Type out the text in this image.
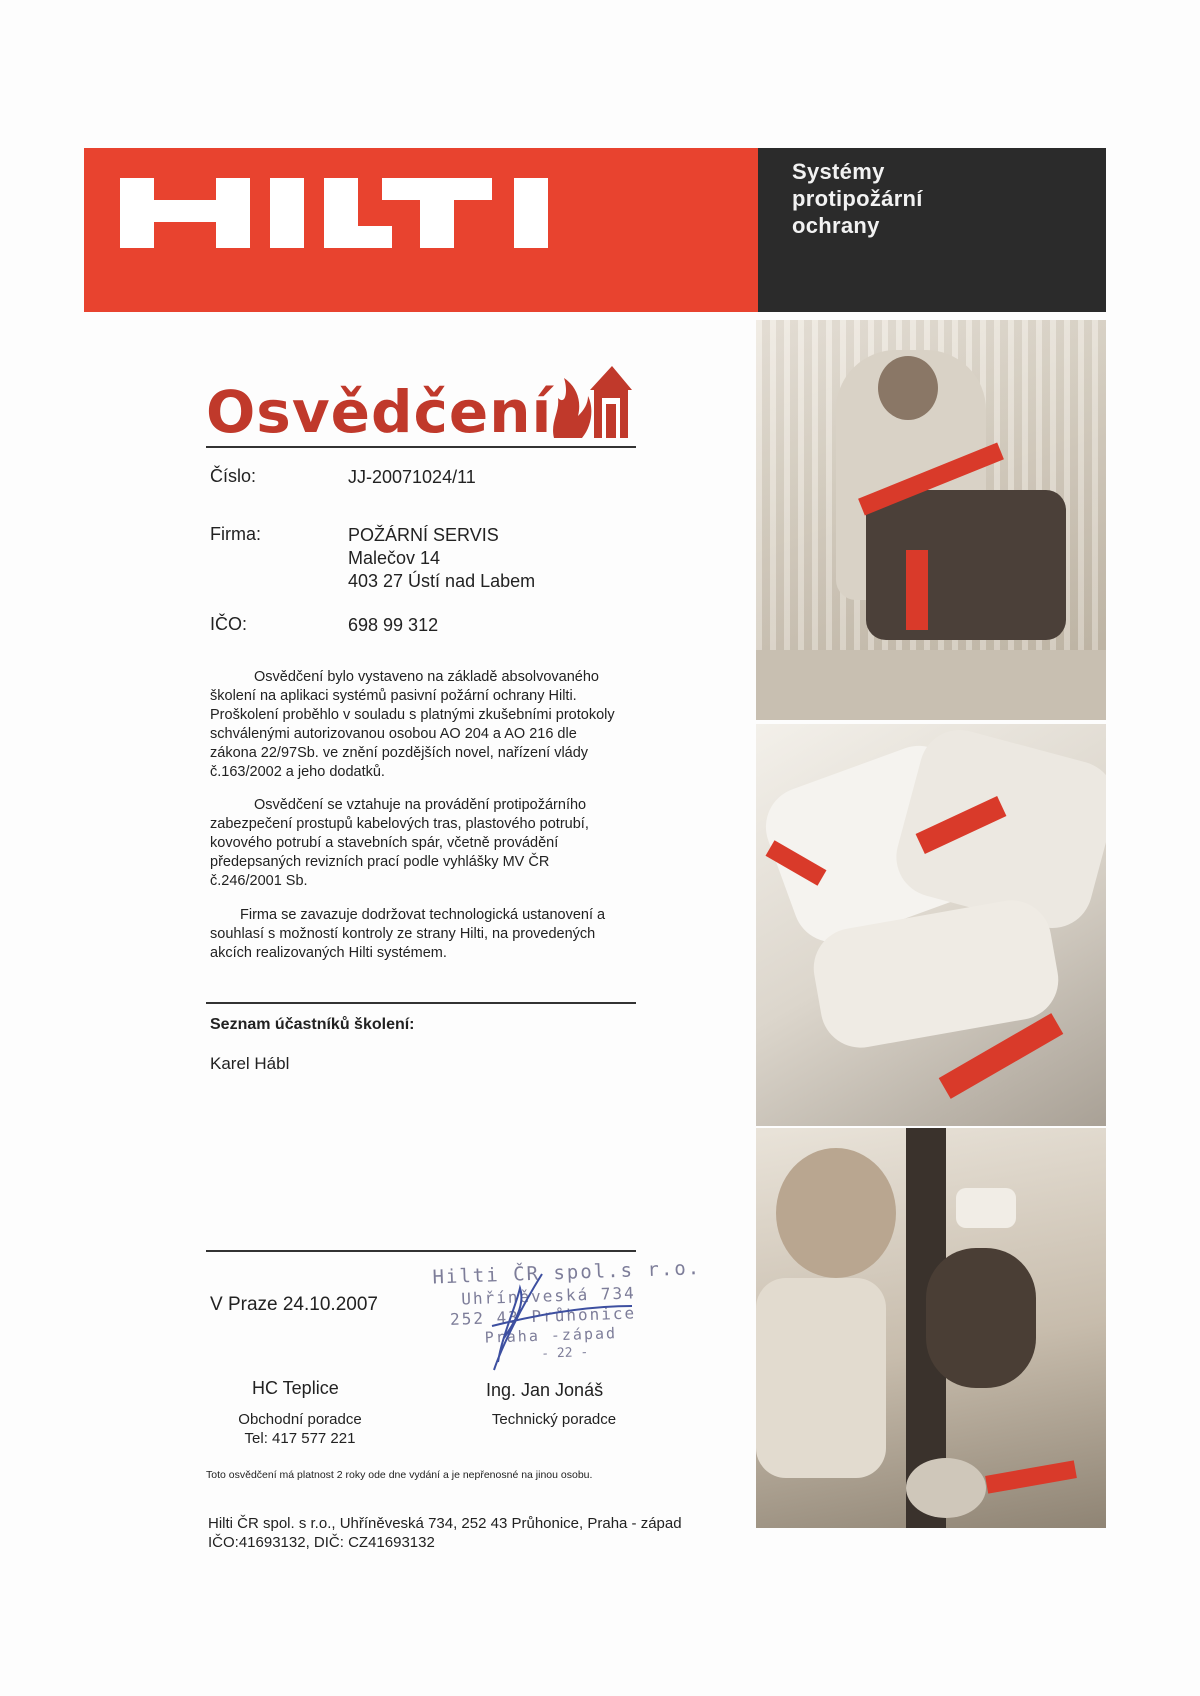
Systémy
protipožární
ochrany
Osvědčení
Číslo:	JJ-20071024/11
Firma:	POŽÁRNÍ SERVIS
Malečov 14
403 27 Ústí nad Labem
IČO:	698 99 312
Osvědčení bylo vystaveno na základě absolvovaného
školení na aplikaci systémů pasivní požární ochrany Hilti.
Proškolení proběhlo v souladu s platnými zkušebními protokoly
schválenými autorizovanou osobou AO 204 a AO 216 dle
zákona 22/97Sb. ve znění pozdějších novel, nařízení vlády
č.163/2002 a jeho dodatků.
Osvědčení se vztahuje na provádění protipožárního
zabezpečení prostupů kabelových tras, plastového potrubí,
kovového potrubí a stavebních spár, včetně provádění
předepsaných revizních prací podle vyhlášky MV ČR
č.246/2001 Sb.
Firma se zavazuje dodržovat technologická ustanovení a
souhlasí s možností kontroly ze strany Hilti, na provedených
akcích realizovaných Hilti systémem.
Seznam účastníků školení:
Karel Hábl
V Praze 24.10.2007
Hilti ČR spol.s r.o.
Uhříněveská 734
252 43 Průhonice
Praha -západ
- 22 -
HC Teplice
Obchodní poradce
Tel: 417 577 221
Ing. Jan Jonáš
Technický poradce
Toto osvědčení má platnost 2 roky ode dne vydání a je nepřenosné na jinou osobu.
Hilti ČR spol. s r.o., Uhříněveská 734, 252 43 Průhonice, Praha - západ
IČO:41693132, DIČ: CZ41693132
